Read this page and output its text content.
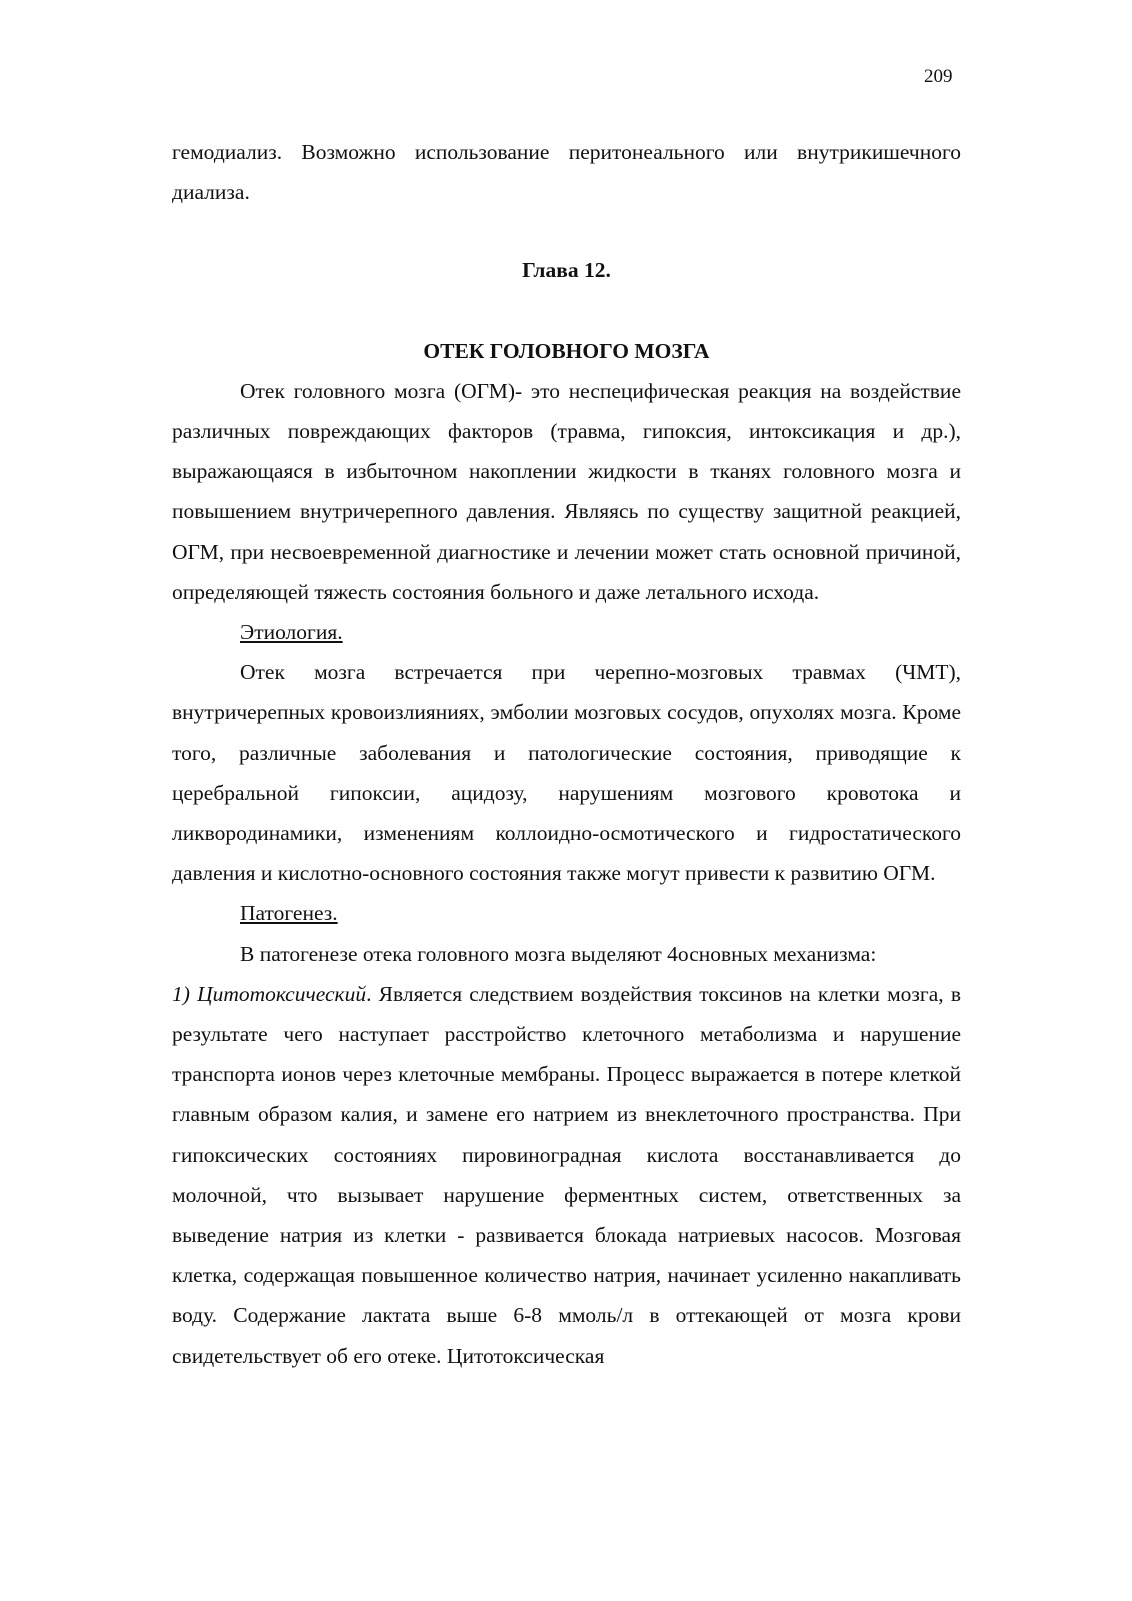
209

гемодиализ. Возможно использование перитонеального или внутрикишечного диализа.

Глава 12.

ОТЕК ГОЛОВНОГО МОЗГА

Отек головного мозга (ОГМ)- это неспецифическая реакция на воздействие различных повреждающих факторов (травма, гипоксия, интоксикация и др.), выражающаяся в избыточном накоплении жидкости в тканях головного мозга и повышением внутричерепного давления. Являясь по существу защитной реакцией, ОГМ, при несвоевременной диагностике и лечении может стать основной причиной, определяющей тяжесть состояния больного и даже летального исхода.

Этиология.

Отек мозга встречается при черепно-мозговых травмах (ЧМТ), внутричерепных кровоизлияниях, эмболии мозговых сосудов, опухолях мозга. Кроме того, различные заболевания и патологические состояния, приводящие к церебральной гипоксии, ацидозу, нарушениям мозгового кровотока и ликвородинамики, изменениям коллоидно-осмотического и гидростатического давления и кислотно-основного состояния также могут привести к развитию ОГМ.

Патогенез.

В патогенезе отека головного мозга выделяют 4основных механизма:

1) Цитотоксический. Является следствием воздействия токсинов на клетки мозга, в результате чего наступает расстройство клеточного метаболизма и нарушение транспорта ионов через клеточные мембраны. Процесс выражается в потере клеткой главным образом калия, и замене его натрием из внеклеточного пространства. При гипоксических состояниях пировиноградная кислота восстанавливается до молочной, что вызывает нарушение ферментных систем, ответственных за выведение натрия из клетки - развивается блокада натриевых насосов. Мозговая клетка, содержащая повышенное количество натрия, начинает усиленно накапливать воду. Содержание лактата выше 6-8 ммоль/л в оттекающей от мозга крови свидетельствует об его отеке. Цитотоксическая
